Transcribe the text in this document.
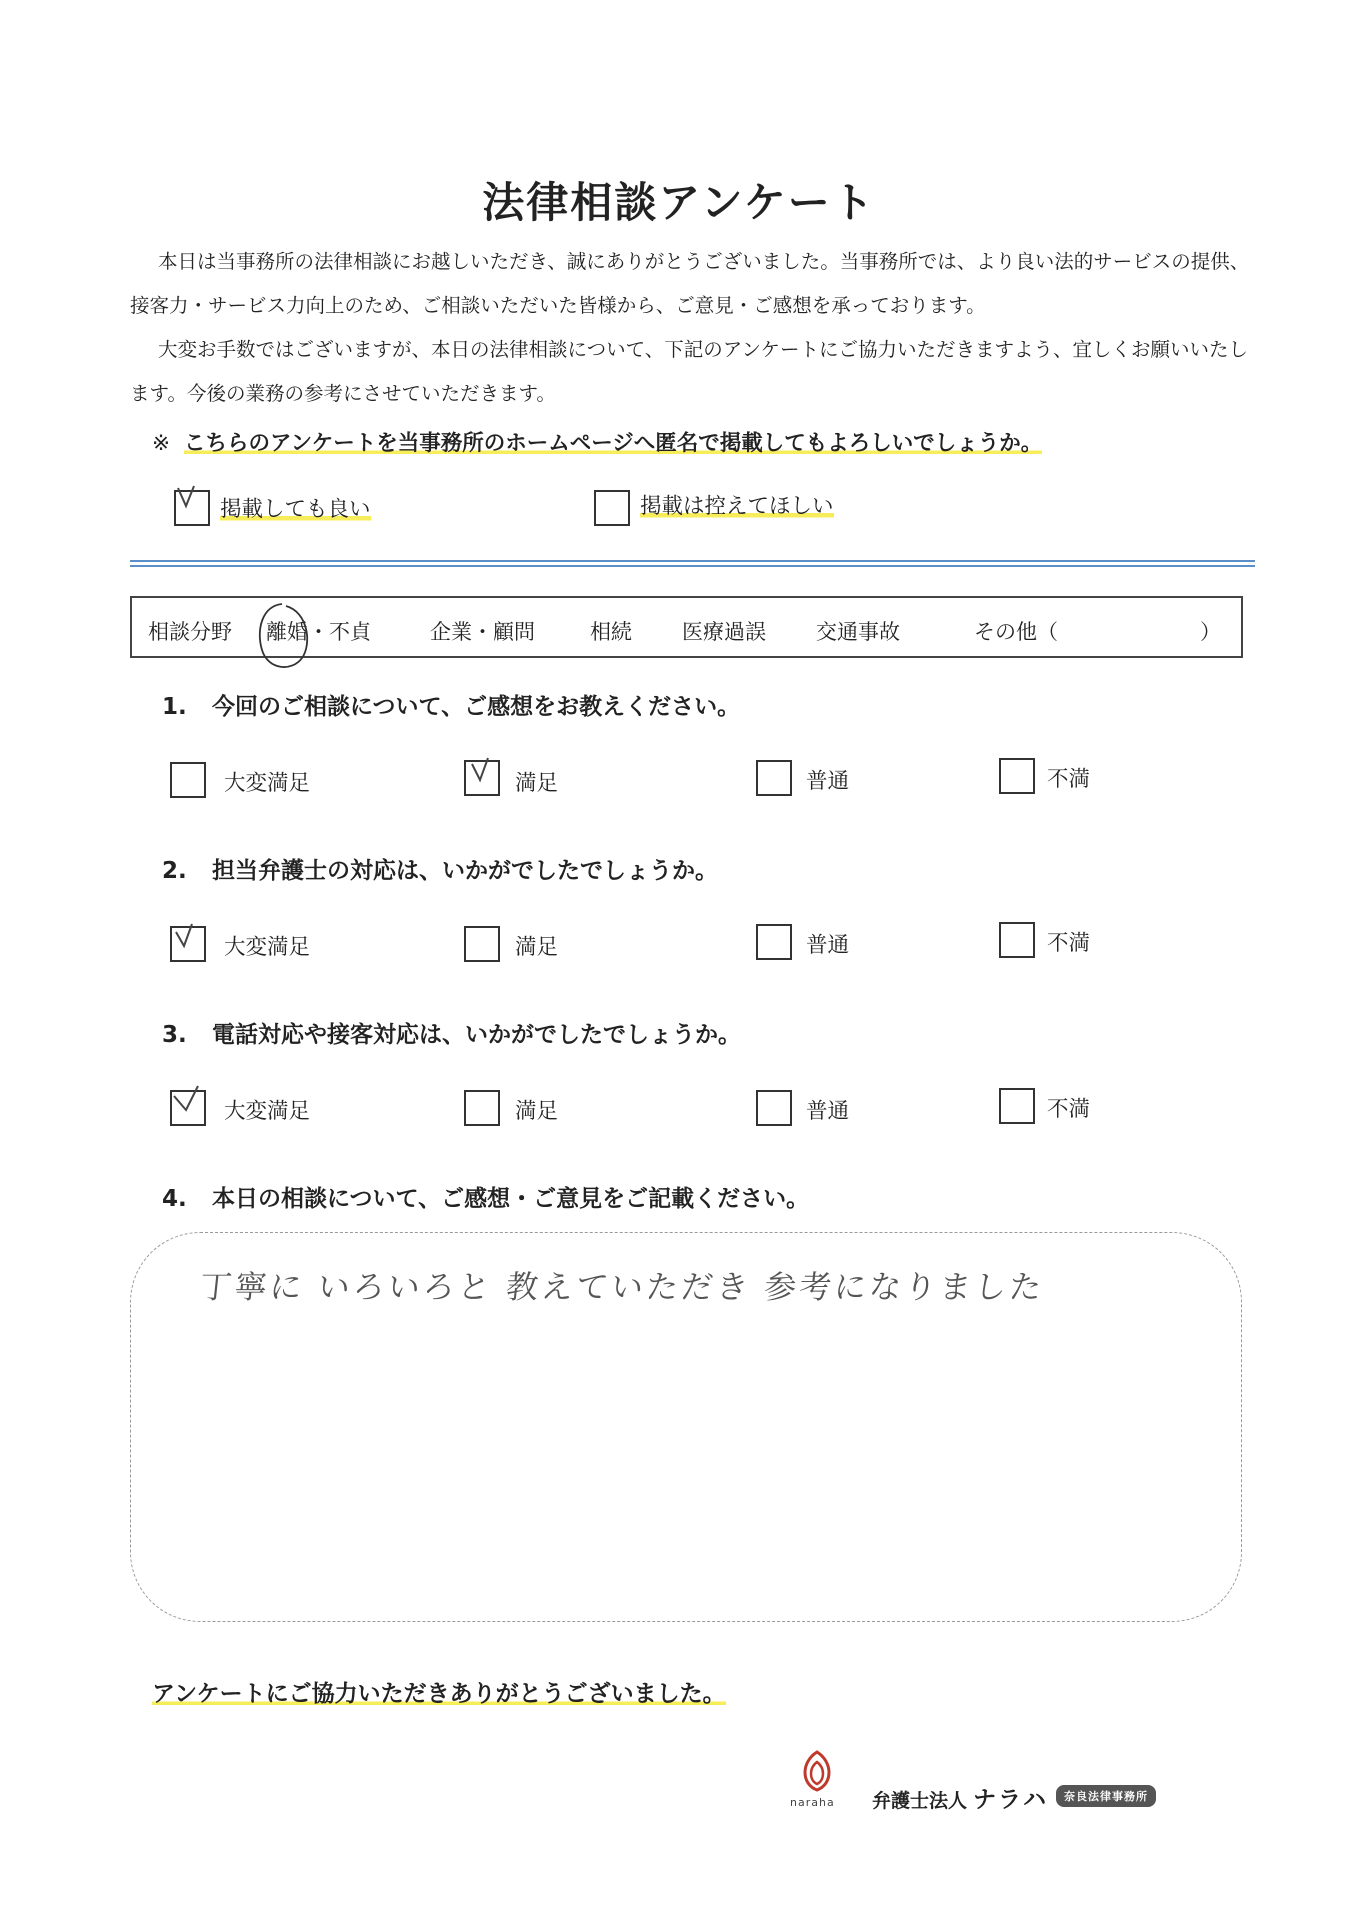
法律相談アンケート

本日は当事務所の法律相談にお越しいただき、誠にありがとうございました。当事務所では、より良い法的サービスの提供、接客力・サービス力向上のため、ご相談いただいた皆様から、ご意見・ご感想を承っております。

大変お手数ではございますが、本日の法律相談について、下記のアンケートにご協力いただきますよう、宜しくお願いいたします。今後の業務の参考にさせていただきます。

※ こちらのアンケートを当事務所のホームページへ匿名で掲載してもよろしいでしょうか。
掲載しても良い	掲載は控えてほしい
相談分野 離婚・不貞	企業・顧問	相続 医療過誤 交通事故	その他（	）
1. 今回のご相談について、ご感想をお教えください。
大変満足	満足	普通	不満
2. 担当弁護士の対応は、いかがでしたでしょうか。
大変満足	満足	普通	不満
3. 電話対応や接客対応は、いかがでしたでしょうか。
大変満足	満足	普通	不満
4. 本日の相談について、ご感想・ご意見をご記載ください。
丁寧に いろいろと 教えていただき 参考になりました
アンケートにご協力いただきありがとうございました。
naraha 弁護士法人 ナラハ	奈良法律事務所
